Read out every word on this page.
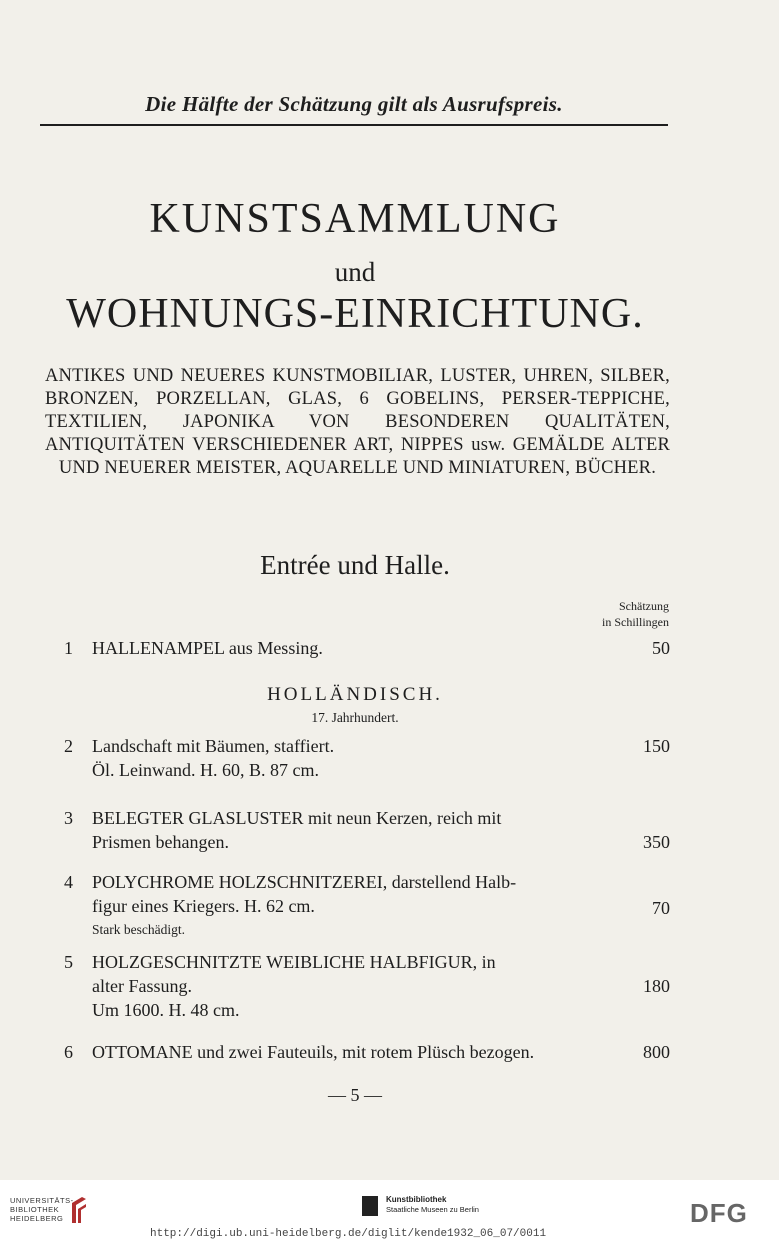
Die Hälfte der Schätzung gilt als Ausrufspreis.
KUNSTSAMMLUNG
und
WOHNUNGS-EINRICHTUNG.
ANTIKES UND NEUERES KUNSTMOBILIAR, LUSTER, UHREN, SILBER, BRONZEN, PORZELLAN, GLAS, 6 GOBELINS, PERSER-TEPPICHE, TEXTILIEN, JAPONIKA VON BESONDEREN QUALITÄTEN, ANTIQUITÄTEN VERSCHIEDENER ART, NIPPES usw. GEMÄLDE ALTER UND NEUERER MEISTER, AQUARELLE UND MINIATUREN, BÜCHER.
Entrée und Halle.
Schätzung
in Schillingen
1 HALLENAMPEL aus Messing.	50
HOLLÄNDISCH.
17. Jahrhundert.
2 Landschaft mit Bäumen, staffiert.
Öl. Leinwand. H. 60, B. 87 cm.
150
3 BELEGTER GLASLUSTER mit neun Kerzen, reich mit
Prismen behangen.	350
4 POLYCHROME HOLZSCHNITZEREI, darstellend Halb-
figur eines Kriegers. H. 62 cm.
Stark beschädigt.
70
5 HOLZGESCHNITZTE WEIBLICHE HALBFIGUR, in
alter Fassung.
Um 1600. H. 48 cm.
180
6 OTTOMANE und zwei Fauteuils, mit rotem Plüsch bezogen.	800
— 5 —
UNIVERSITÄTS-
BIBLIOTHEK
HEIDELBERG
Kunstbibliothek
Staatliche Museen zu Berlin	DFG
http://digi.ub.uni-heidelberg.de/diglit/kende1932_06_07/0011
